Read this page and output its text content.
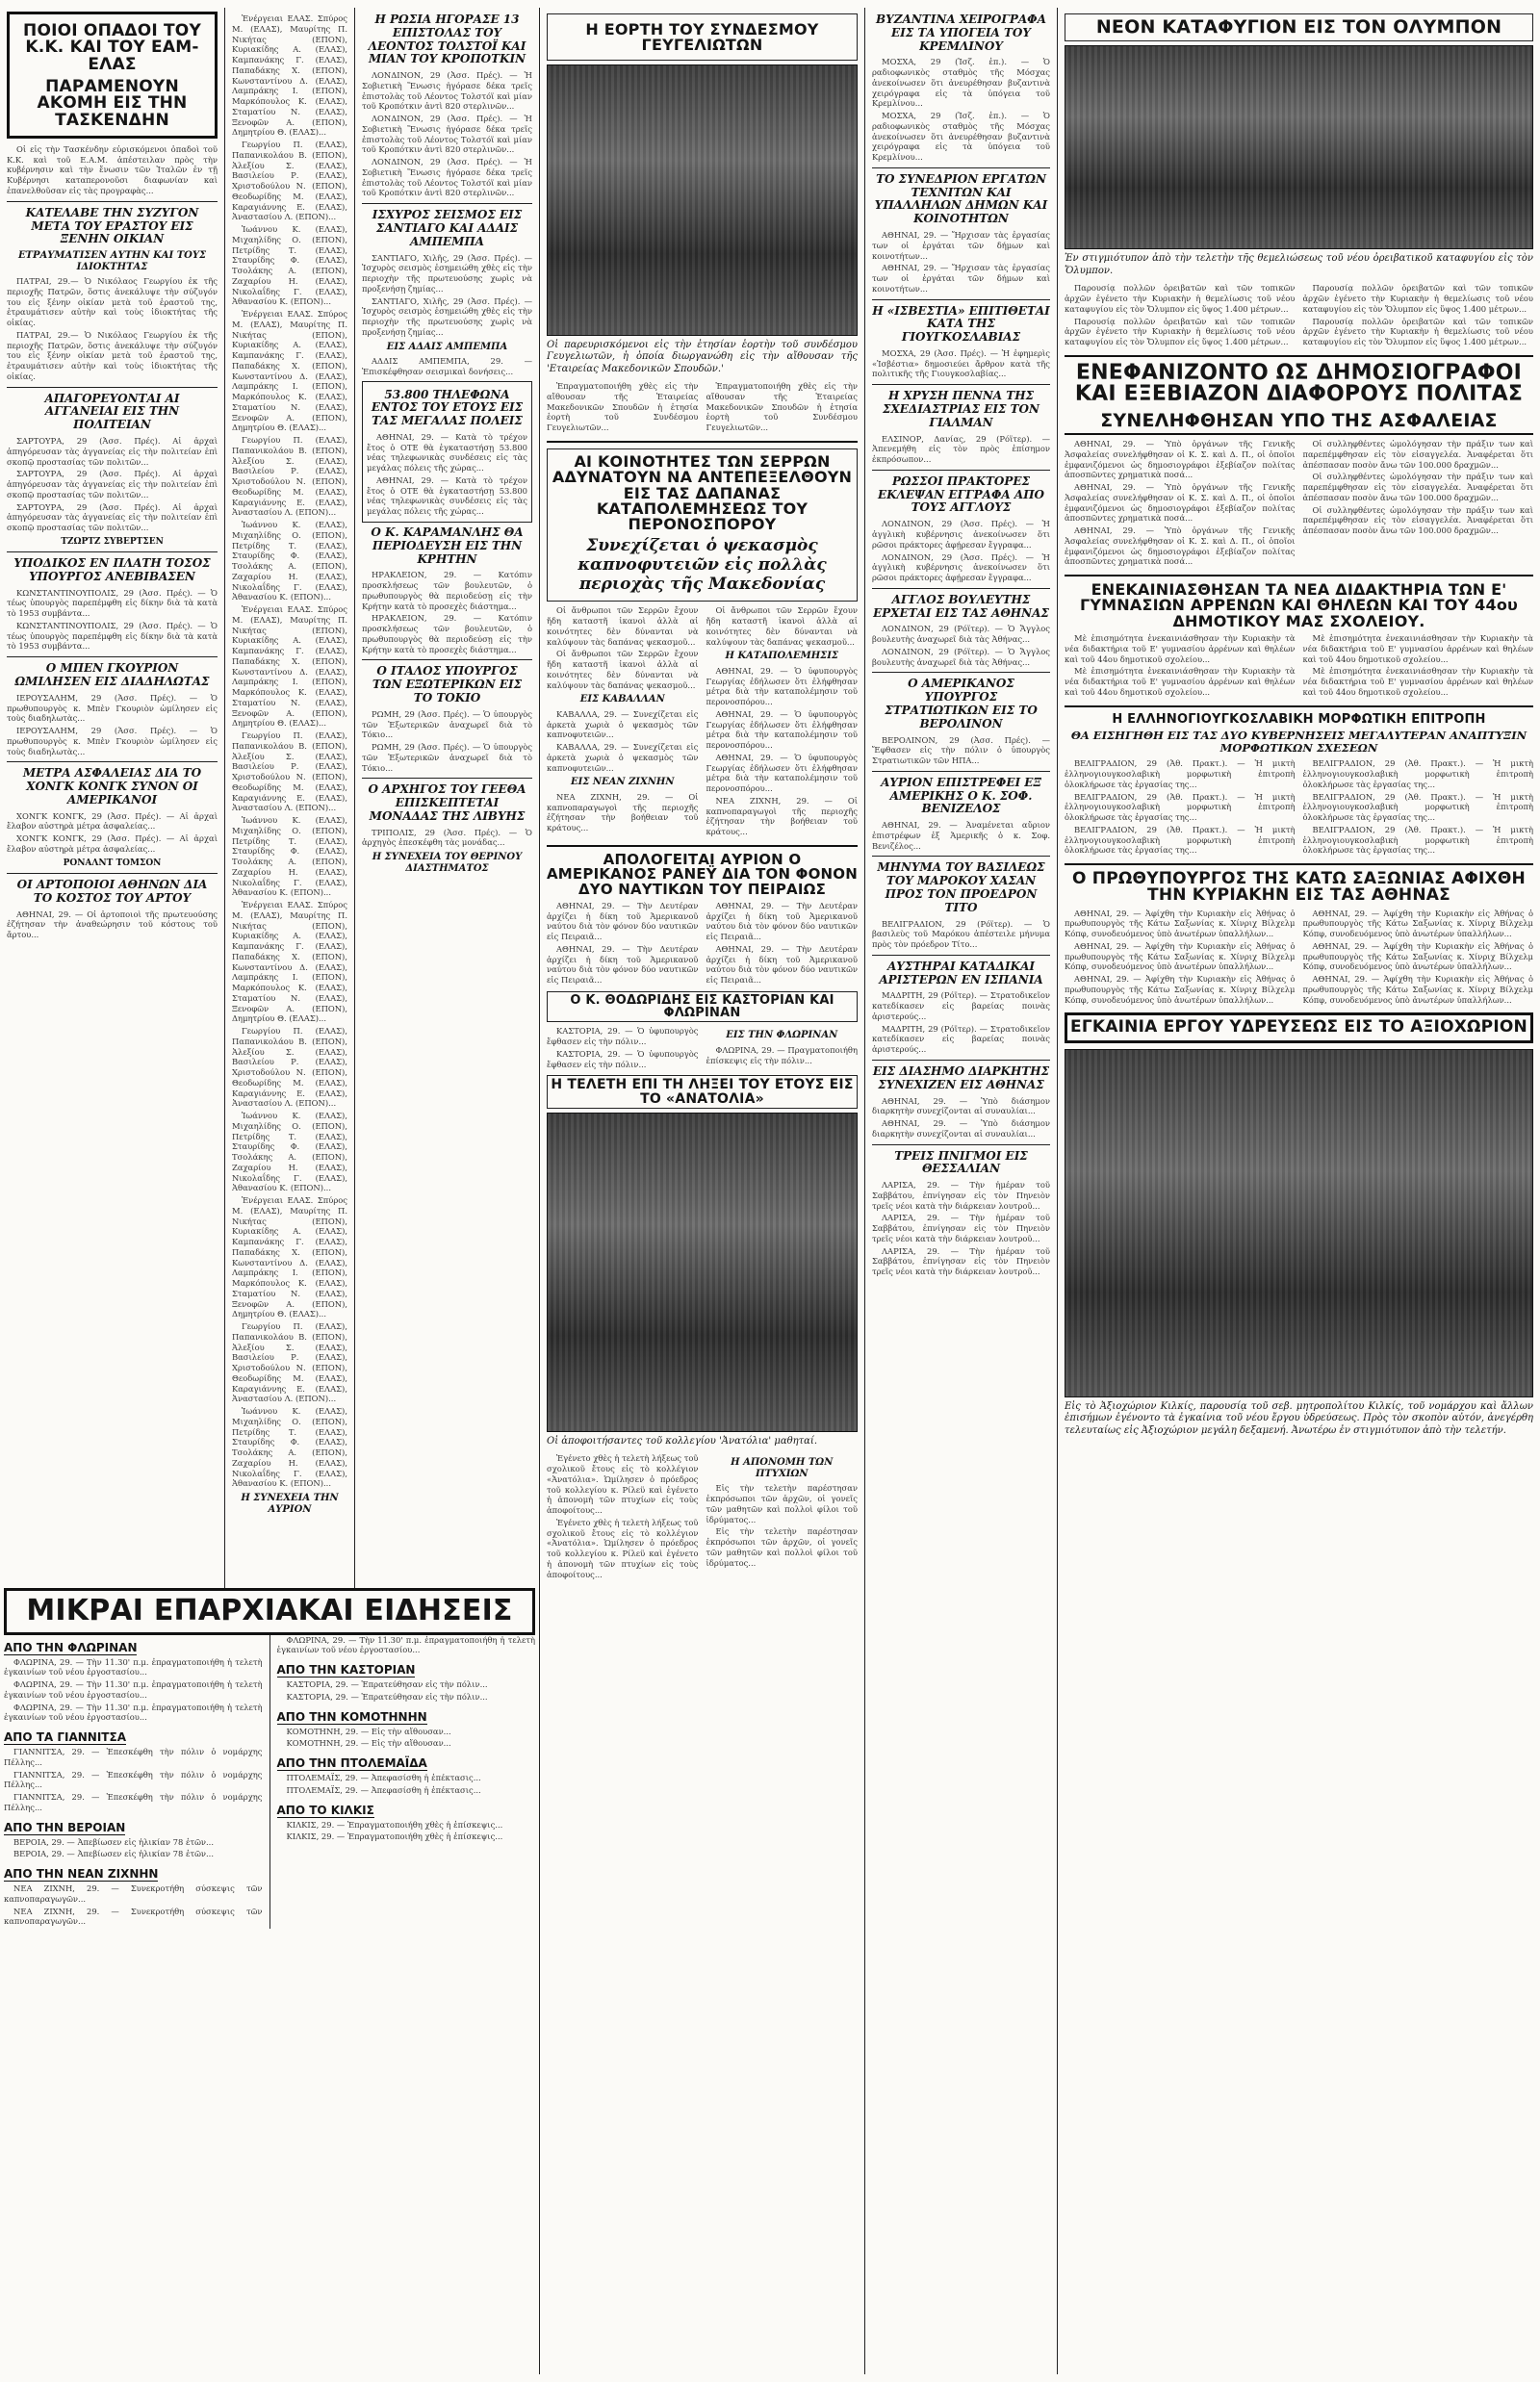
ΠΟΙΟΙ ΟΠΑΔΟΙ ΤΟΥ Κ.Κ. ΚΑΙ ΤΟΥ ΕΑΜ-ΕΛΑΣ
ΠΑΡΑΜΕΝΟΥΝ ΑΚΟΜΗ ΕΙΣ ΤΗΝ ΤΑΣΚΕΝΔΗΝ

Οἱ εἰς τὴν Τασκένδην εὑρισκόμενοι ὀπαδοὶ τοῦ Κ.Κ. καὶ τοῦ Ε.Α.Μ. ἀπέστειλαν πρὸς τὴν κυβέρνησιν καὶ τὴν ἔνωσιν τῶν Ἰταλῶν ἐν τῇ Κυβέρνησι καταπερονοῦσι διαφωνίαν καὶ ἐπανελθοῦσαν εἰς τὰς προγραφὰς...

ΚΑΤΕΛΑΒΕ ΤΗΝ ΣΥΖΥΓΟΝ ΜΕΤΑ ΤΟΥ ΕΡΑΣΤΟΥ ΕΙΣ ΞΕΝΗΝ ΟΙΚΙΑΝ
ΕΤΡΑΥΜΑΤΙΣΕΝ ΑΥΤΗΝ ΚΑΙ ΤΟΥΣ ΙΔΙΟΚΤΗΤΑΣ

ΠΑΤΡΑΙ, 29.— Ὁ Νικόλαος Γεωργίου ἐκ τῆς περιοχῆς Πατρῶν, ὅστις ἀνεκάλυψε τὴν σύζυγόν του εἰς ξένην οἰκίαν μετὰ τοῦ ἐραστοῦ της, ἐτραυμάτισεν αὐτὴν καὶ τοὺς ἰδιοκτήτας τῆς οἰκίας.

ΠΑΤΡΑΙ, 29.— Ὁ Νικόλαος Γεωργίου ἐκ τῆς περιοχῆς Πατρῶν, ὅστις ἀνεκάλυψε τὴν σύζυγόν του εἰς ξένην οἰκίαν μετὰ τοῦ ἐραστοῦ της, ἐτραυμάτισεν αὐτὴν καὶ τοὺς ἰδιοκτήτας τῆς οἰκίας.

ΑΠΑΓΟΡΕΥΟΝΤΑΙ ΑΙ ΑΓΓΑΝΕΙΑΙ ΕΙΣ ΤΗΝ ΠΟΛΙΤΕΙΑΝ

ΣΑΡΤΟΥΡΑ, 29 (Ἀσσ. Πρές). Αἱ ἀρχαὶ ἀπηγόρευσαν τὰς ἀγγανείας εἰς τὴν πολιτείαν ἐπὶ σκοπῷ προστασίας τῶν πολιτῶν...

ΣΑΡΤΟΥΡΑ, 29 (Ἀσσ. Πρές). Αἱ ἀρχαὶ ἀπηγόρευσαν τὰς ἀγγανείας εἰς τὴν πολιτείαν ἐπὶ σκοπῷ προστασίας τῶν πολιτῶν...

ΣΑΡΤΟΥΡΑ, 29 (Ἀσσ. Πρές). Αἱ ἀρχαὶ ἀπηγόρευσαν τὰς ἀγγανείας εἰς τὴν πολιτείαν ἐπὶ σκοπῷ προστασίας τῶν πολιτῶν...

ΤΖΩΡΤΖ ΣΥΒΕΡΤΣΕΝ
ΥΠΟΔΙΚΟΣ ΕΝ ΠΛΑΤΗ ΤΟΣΟΣ ΥΠΟΥΡΓΟΣ ΑΝΕΒΙΒΑΣΕΝ

ΚΩΝΣΤΑΝΤΙΝΟΥΠΟΛΙΣ, 29 (Ἀσσ. Πρές). — Ὁ τέως ὑπουργὸς παρεπέμφθη εἰς δίκην διὰ τὰ κατὰ τὸ 1953 συμβάντα...

ΚΩΝΣΤΑΝΤΙΝΟΥΠΟΛΙΣ, 29 (Ἀσσ. Πρές). — Ὁ τέως ὑπουργὸς παρεπέμφθη εἰς δίκην διὰ τὰ κατὰ τὸ 1953 συμβάντα...

Ο ΜΠΕΝ ΓΚΟΥΡΙΟΝ ΩΜΙΛΗΣΕΝ ΕΙΣ ΔΙΑΔΗΛΩΤΑΣ

ΙΕΡΟΥΣΑΛΗΜ, 29 (Ἀσσ. Πρές). — Ὁ πρωθυπουργὸς κ. Μπὲν Γκουριὸν ὡμίλησεν εἰς τοὺς διαδηλωτὰς...

ΙΕΡΟΥΣΑΛΗΜ, 29 (Ἀσσ. Πρές). — Ὁ πρωθυπουργὸς κ. Μπὲν Γκουριὸν ὡμίλησεν εἰς τοὺς διαδηλωτὰς...

ΜΕΤΡΑ ΑΣΦΑΛΕΙΑΣ ΔΙΑ ΤΟ ΧΟΝΓΚ ΚΟΝΓΚ ΣΥΝΟΝ ΟΙ ΑΜΕΡΙΚΑΝΟΙ

ΧΟΝΓΚ ΚΟΝΓΚ, 29 (Ἀσσ. Πρές). — Αἱ ἀρχαὶ ἔλαβον αὐστηρὰ μέτρα ἀσφαλείας...

ΧΟΝΓΚ ΚΟΝΓΚ, 29 (Ἀσσ. Πρές). — Αἱ ἀρχαὶ ἔλαβον αὐστηρὰ μέτρα ἀσφαλείας...

ΡΟΝΑΛΝΤ ΤΟΜΣΟΝ
ΟΙ ΑΡΤΟΠΟΙΟΙ ΑΘΗΝΩΝ ΔΙΑ ΤΟ ΚΟΣΤΟΣ ΤΟΥ ΑΡΤΟΥ

ΑΘΗΝΑΙ, 29. — Οἱ ἀρτοποιοὶ τῆς πρωτευούσης ἐζήτησαν τὴν ἀναθεώρησιν τοῦ κόστους τοῦ ἄρτου...

Ἐνέργειαι ΕΛΑΣ. Σπύρος Μ. (ΕΛΑΣ), Μαυρίτης Π. Νικήτας (ΕΠΟΝ), Κυριακίδης Α. (ΕΛΑΣ), Καμπανάκης Γ. (ΕΛΑΣ), Παπαδάκης Χ. (ΕΠΟΝ), Κωνσταντίνου Δ. (ΕΛΑΣ), Λαμπράκης Ι. (ΕΠΟΝ), Μαρκόπουλος Κ. (ΕΛΑΣ), Σταματίου Ν. (ΕΛΑΣ), Ξενοφῶν Α. (ΕΠΟΝ), Δημητρίου Θ. (ΕΛΑΣ)...

Γεωργίου Π. (ΕΛΑΣ), Παπανικολάου Β. (ΕΠΟΝ), Ἀλεξίου Σ. (ΕΛΑΣ), Βασιλείου Ρ. (ΕΛΑΣ), Χριστοδούλου Ν. (ΕΠΟΝ), Θεοδωρίδης Μ. (ΕΛΑΣ), Καραγιάννης Ε. (ΕΛΑΣ), Ἀναστασίου Λ. (ΕΠΟΝ)...

Ἰωάννου Κ. (ΕΛΑΣ), Μιχαηλίδης Ο. (ΕΠΟΝ), Πετρίδης Τ. (ΕΛΑΣ), Σταυρίδης Φ. (ΕΛΑΣ), Τσολάκης Α. (ΕΠΟΝ), Ζαχαρίου Η. (ΕΛΑΣ), Νικολαΐδης Γ. (ΕΛΑΣ), Ἀθανασίου Κ. (ΕΠΟΝ)...

Ἐνέργειαι ΕΛΑΣ. Σπύρος Μ. (ΕΛΑΣ), Μαυρίτης Π. Νικήτας (ΕΠΟΝ), Κυριακίδης Α. (ΕΛΑΣ), Καμπανάκης Γ. (ΕΛΑΣ), Παπαδάκης Χ. (ΕΠΟΝ), Κωνσταντίνου Δ. (ΕΛΑΣ), Λαμπράκης Ι. (ΕΠΟΝ), Μαρκόπουλος Κ. (ΕΛΑΣ), Σταματίου Ν. (ΕΛΑΣ), Ξενοφῶν Α. (ΕΠΟΝ), Δημητρίου Θ. (ΕΛΑΣ)...

Γεωργίου Π. (ΕΛΑΣ), Παπανικολάου Β. (ΕΠΟΝ), Ἀλεξίου Σ. (ΕΛΑΣ), Βασιλείου Ρ. (ΕΛΑΣ), Χριστοδούλου Ν. (ΕΠΟΝ), Θεοδωρίδης Μ. (ΕΛΑΣ), Καραγιάννης Ε. (ΕΛΑΣ), Ἀναστασίου Λ. (ΕΠΟΝ)...

Ἰωάννου Κ. (ΕΛΑΣ), Μιχαηλίδης Ο. (ΕΠΟΝ), Πετρίδης Τ. (ΕΛΑΣ), Σταυρίδης Φ. (ΕΛΑΣ), Τσολάκης Α. (ΕΠΟΝ), Ζαχαρίου Η. (ΕΛΑΣ), Νικολαΐδης Γ. (ΕΛΑΣ), Ἀθανασίου Κ. (ΕΠΟΝ)...

Ἐνέργειαι ΕΛΑΣ. Σπύρος Μ. (ΕΛΑΣ), Μαυρίτης Π. Νικήτας (ΕΠΟΝ), Κυριακίδης Α. (ΕΛΑΣ), Καμπανάκης Γ. (ΕΛΑΣ), Παπαδάκης Χ. (ΕΠΟΝ), Κωνσταντίνου Δ. (ΕΛΑΣ), Λαμπράκης Ι. (ΕΠΟΝ), Μαρκόπουλος Κ. (ΕΛΑΣ), Σταματίου Ν. (ΕΛΑΣ), Ξενοφῶν Α. (ΕΠΟΝ), Δημητρίου Θ. (ΕΛΑΣ)...

Γεωργίου Π. (ΕΛΑΣ), Παπανικολάου Β. (ΕΠΟΝ), Ἀλεξίου Σ. (ΕΛΑΣ), Βασιλείου Ρ. (ΕΛΑΣ), Χριστοδούλου Ν. (ΕΠΟΝ), Θεοδωρίδης Μ. (ΕΛΑΣ), Καραγιάννης Ε. (ΕΛΑΣ), Ἀναστασίου Λ. (ΕΠΟΝ)...

Ἰωάννου Κ. (ΕΛΑΣ), Μιχαηλίδης Ο. (ΕΠΟΝ), Πετρίδης Τ. (ΕΛΑΣ), Σταυρίδης Φ. (ΕΛΑΣ), Τσολάκης Α. (ΕΠΟΝ), Ζαχαρίου Η. (ΕΛΑΣ), Νικολαΐδης Γ. (ΕΛΑΣ), Ἀθανασίου Κ. (ΕΠΟΝ)...

Ἐνέργειαι ΕΛΑΣ. Σπύρος Μ. (ΕΛΑΣ), Μαυρίτης Π. Νικήτας (ΕΠΟΝ), Κυριακίδης Α. (ΕΛΑΣ), Καμπανάκης Γ. (ΕΛΑΣ), Παπαδάκης Χ. (ΕΠΟΝ), Κωνσταντίνου Δ. (ΕΛΑΣ), Λαμπράκης Ι. (ΕΠΟΝ), Μαρκόπουλος Κ. (ΕΛΑΣ), Σταματίου Ν. (ΕΛΑΣ), Ξενοφῶν Α. (ΕΠΟΝ), Δημητρίου Θ. (ΕΛΑΣ)...

Γεωργίου Π. (ΕΛΑΣ), Παπανικολάου Β. (ΕΠΟΝ), Ἀλεξίου Σ. (ΕΛΑΣ), Βασιλείου Ρ. (ΕΛΑΣ), Χριστοδούλου Ν. (ΕΠΟΝ), Θεοδωρίδης Μ. (ΕΛΑΣ), Καραγιάννης Ε. (ΕΛΑΣ), Ἀναστασίου Λ. (ΕΠΟΝ)...

Ἰωάννου Κ. (ΕΛΑΣ), Μιχαηλίδης Ο. (ΕΠΟΝ), Πετρίδης Τ. (ΕΛΑΣ), Σταυρίδης Φ. (ΕΛΑΣ), Τσολάκης Α. (ΕΠΟΝ), Ζαχαρίου Η. (ΕΛΑΣ), Νικολαΐδης Γ. (ΕΛΑΣ), Ἀθανασίου Κ. (ΕΠΟΝ)...

Ἐνέργειαι ΕΛΑΣ. Σπύρος Μ. (ΕΛΑΣ), Μαυρίτης Π. Νικήτας (ΕΠΟΝ), Κυριακίδης Α. (ΕΛΑΣ), Καμπανάκης Γ. (ΕΛΑΣ), Παπαδάκης Χ. (ΕΠΟΝ), Κωνσταντίνου Δ. (ΕΛΑΣ), Λαμπράκης Ι. (ΕΠΟΝ), Μαρκόπουλος Κ. (ΕΛΑΣ), Σταματίου Ν. (ΕΛΑΣ), Ξενοφῶν Α. (ΕΠΟΝ), Δημητρίου Θ. (ΕΛΑΣ)...

Γεωργίου Π. (ΕΛΑΣ), Παπανικολάου Β. (ΕΠΟΝ), Ἀλεξίου Σ. (ΕΛΑΣ), Βασιλείου Ρ. (ΕΛΑΣ), Χριστοδούλου Ν. (ΕΠΟΝ), Θεοδωρίδης Μ. (ΕΛΑΣ), Καραγιάννης Ε. (ΕΛΑΣ), Ἀναστασίου Λ. (ΕΠΟΝ)...

Ἰωάννου Κ. (ΕΛΑΣ), Μιχαηλίδης Ο. (ΕΠΟΝ), Πετρίδης Τ. (ΕΛΑΣ), Σταυρίδης Φ. (ΕΛΑΣ), Τσολάκης Α. (ΕΠΟΝ), Ζαχαρίου Η. (ΕΛΑΣ), Νικολαΐδης Γ. (ΕΛΑΣ), Ἀθανασίου Κ. (ΕΠΟΝ)...

Η ΣΥΝΕΧΕΙΑ ΤΗΝ ΑΥΡΙΟΝ
ΜΙΚΡΑΙ ΕΠΑΡΧΙΑΚΑΙ ΕΙΔΗΣΕΙΣ
ΑΠΟ ΤΗΝ ΦΛΩΡΙΝΑΝ

ΦΛΩΡΙΝΑ, 29. — Τὴν 11.30' π.μ. ἐπραγματοποιήθη ἡ τελετὴ ἐγκαινίων τοῦ νέου ἐργοστασίου...

ΦΛΩΡΙΝΑ, 29. — Τὴν 11.30' π.μ. ἐπραγματοποιήθη ἡ τελετὴ ἐγκαινίων τοῦ νέου ἐργοστασίου...

ΦΛΩΡΙΝΑ, 29. — Τὴν 11.30' π.μ. ἐπραγματοποιήθη ἡ τελετὴ ἐγκαινίων τοῦ νέου ἐργοστασίου...

ΑΠΟ ΤΑ ΓΙΑΝΝΙΤΣΑ

ΓΙΑΝΝΙΤΣΑ, 29. — Ἐπεσκέφθη τὴν πόλιν ὁ νομάρχης Πέλλης...

ΓΙΑΝΝΙΤΣΑ, 29. — Ἐπεσκέφθη τὴν πόλιν ὁ νομάρχης Πέλλης...

ΓΙΑΝΝΙΤΣΑ, 29. — Ἐπεσκέφθη τὴν πόλιν ὁ νομάρχης Πέλλης...

ΑΠΟ ΤΗΝ ΒΕΡΟΙΑΝ

ΒΕΡΟΙΑ, 29. — Ἀπεβίωσεν εἰς ἡλικίαν 78 ἐτῶν...

ΒΕΡΟΙΑ, 29. — Ἀπεβίωσεν εἰς ἡλικίαν 78 ἐτῶν...

ΑΠΟ ΤΗΝ ΝΕΑΝ ΖΙΧΝΗΝ

ΝΕΑ ΖΙΧΝΗ, 29. — Συνεκροτήθη σύσκεψις τῶν καπνοπαραγωγῶν...

ΝΕΑ ΖΙΧΝΗ, 29. — Συνεκροτήθη σύσκεψις τῶν καπνοπαραγωγῶν...

ΦΛΩΡΙΝΑ, 29. — Τὴν 11.30' π.μ. ἐπραγματοποιήθη ἡ τελετὴ ἐγκαινίων τοῦ νέου ἐργοστασίου...

ΑΠΟ ΤΗΝ ΚΑΣΤΟΡΙΑΝ

ΚΑΣΤΟΡΙΑ, 29. — Ἐπρατεύθησαν εἰς τὴν πόλιν...

ΚΑΣΤΟΡΙΑ, 29. — Ἐπρατεύθησαν εἰς τὴν πόλιν...

ΑΠΟ ΤΗΝ ΚΟΜΟΤΗΝΗΝ

ΚΟΜΟΤΗΝΗ, 29. — Εἰς τὴν αἴθουσαν...

ΚΟΜΟΤΗΝΗ, 29. — Εἰς τὴν αἴθουσαν...

ΑΠΟ ΤΗΝ ΠΤΟΛΕΜΑΪΔΑ

ΠΤΟΛΕΜΑΪΣ, 29. — Ἀπεφασίσθη ἡ ἐπέκτασις...

ΠΤΟΛΕΜΑΪΣ, 29. — Ἀπεφασίσθη ἡ ἐπέκτασις...

ΑΠΟ ΤΟ ΚΙΛΚΙΣ

ΚΙΛΚΙΣ, 29. — Ἐπραγματοποιήθη χθὲς ἡ ἐπίσκεψις...

ΚΙΛΚΙΣ, 29. — Ἐπραγματοποιήθη χθὲς ἡ ἐπίσκεψις...

Η ΡΩΣΙΑ ΗΓΟΡΑΣΕ 13 ΕΠΙΣΤΟΛΑΣ ΤΟΥ ΛΕΟΝΤΟΣ ΤΟΛΣΤΟΪ ΚΑΙ ΜΙΑΝ ΤΟΥ ΚΡΟΠΟΤΚΙΝ

ΛΟΝΔΙΝΟΝ, 29 (Ἀσσ. Πρές). — Ἡ Σοβιετικὴ Ἕνωσις ἠγόρασε δέκα τρεῖς ἐπιστολὰς τοῦ Λέοντος Τολστόϊ καὶ μίαν τοῦ Κροπότκιν ἀντὶ 820 στερλινῶν...

ΛΟΝΔΙΝΟΝ, 29 (Ἀσσ. Πρές). — Ἡ Σοβιετικὴ Ἕνωσις ἠγόρασε δέκα τρεῖς ἐπιστολὰς τοῦ Λέοντος Τολστόϊ καὶ μίαν τοῦ Κροπότκιν ἀντὶ 820 στερλινῶν...

ΛΟΝΔΙΝΟΝ, 29 (Ἀσσ. Πρές). — Ἡ Σοβιετικὴ Ἕνωσις ἠγόρασε δέκα τρεῖς ἐπιστολὰς τοῦ Λέοντος Τολστόϊ καὶ μίαν τοῦ Κροπότκιν ἀντὶ 820 στερλινῶν...

ΙΣΧΥΡΟΣ ΣΕΙΣΜΟΣ ΕΙΣ ΣΑΝΤΙΑΓΟ ΚΑΙ ΑΔΑΙΣ ΑΜΠΕΜΠΑ

ΣΑΝΤΙΑΓΟ, Χιλῆς, 29 (Ἀσσ. Πρές). — Ἰσχυρὸς σεισμὸς ἐσημειώθη χθὲς εἰς τὴν περιοχὴν τῆς πρωτευούσης χωρὶς νὰ προξενήσῃ ζημίας...

ΣΑΝΤΙΑΓΟ, Χιλῆς, 29 (Ἀσσ. Πρές). — Ἰσχυρὸς σεισμὸς ἐσημειώθη χθὲς εἰς τὴν περιοχὴν τῆς πρωτευούσης χωρὶς νὰ προξενήσῃ ζημίας...

ΕΙΣ ΑΔΑΙΣ ΑΜΠΕΜΠΑ

ΑΔΔΙΣ ΑΜΠΕΜΠΑ, 29. — Ἐπισκέφθησαν σεισμικαὶ δονήσεις...

53.800 ΤΗΛΕΦΩΝΑ ΕΝΤΟΣ ΤΟΥ ΕΤΟΥΣ ΕΙΣ ΤΑΣ ΜΕΓΑΛΑΣ ΠΟΛΕΙΣ

ΑΘΗΝΑΙ, 29. — Κατὰ τὸ τρέχον ἔτος ὁ ΟΤΕ θὰ ἐγκαταστήσῃ 53.800 νέας τηλεφωνικὰς συνδέσεις εἰς τὰς μεγάλας πόλεις τῆς χώρας...

ΑΘΗΝΑΙ, 29. — Κατὰ τὸ τρέχον ἔτος ὁ ΟΤΕ θὰ ἐγκαταστήσῃ 53.800 νέας τηλεφωνικὰς συνδέσεις εἰς τὰς μεγάλας πόλεις τῆς χώρας...

Ο Κ. ΚΑΡΑΜΑΝΛΗΣ ΘΑ ΠΕΡΙΟΔΕΥΣΗ ΕΙΣ ΤΗΝ ΚΡΗΤΗΝ

ΗΡΑΚΛΕΙΟΝ, 29. — Κατόπιν προσκλήσεως τῶν βουλευτῶν, ὁ πρωθυπουργὸς θὰ περιοδεύσῃ εἰς τὴν Κρήτην κατὰ τὸ προσεχὲς διάστημα...

ΗΡΑΚΛΕΙΟΝ, 29. — Κατόπιν προσκλήσεως τῶν βουλευτῶν, ὁ πρωθυπουργὸς θὰ περιοδεύσῃ εἰς τὴν Κρήτην κατὰ τὸ προσεχὲς διάστημα...

Ο ΙΤΑΛΟΣ ΥΠΟΥΡΓΟΣ ΤΩΝ ΕΞΩΤΕΡΙΚΩΝ ΕΙΣ ΤΟ ΤΟΚΙΟ

ΡΩΜΗ, 29 (Ἀσσ. Πρές). — Ὁ ὑπουργὸς τῶν Ἐξωτερικῶν ἀναχωρεῖ διὰ τὸ Τόκιο...

ΡΩΜΗ, 29 (Ἀσσ. Πρές). — Ὁ ὑπουργὸς τῶν Ἐξωτερικῶν ἀναχωρεῖ διὰ τὸ Τόκιο...

Ο ΑΡΧΗΓΟΣ ΤΟΥ ΓΕΕΘΑ ΕΠΙΣΚΕΠΤΕΤΑΙ ΜΟΝΑΔΑΣ ΤΗΣ ΛΙΒΥΗΣ

ΤΡΙΠΟΛΙΣ, 29 (Ἀσσ. Πρές). — Ὁ ἀρχηγὸς ἐπεσκέφθη τὰς μονάδας...

Η ΣΥΝΕΧΕΙΑ ΤΟΥ ΘΕΡΙΝΟΥ ΔΙΑΣΤΗΜΑΤΟΣ
Η ΕΟΡΤΗ ΤΟΥ ΣΥΝΔΕΣΜΟΥ ΓΕΥΓΕΛΙΩΤΩΝ
Οἱ παρευρισκόμενοι εἰς τὴν ἐτησίαν ἑορτὴν τοῦ συνδέσμου Γευγελιωτῶν, ἡ ὁποία διωργανώθη εἰς τὴν αἴθουσαν τῆς 'Εταιρείας Μακεδονικῶν Σπουδῶν.'

Ἐπραγματοποιήθη χθὲς εἰς τὴν αἴθουσαν τῆς Ἑταιρείας Μακεδονικῶν Σπουδῶν ἡ ἐτησία ἑορτὴ τοῦ Συνδέσμου Γευγελιωτῶν...

Ἐπραγματοποιήθη χθὲς εἰς τὴν αἴθουσαν τῆς Ἑταιρείας Μακεδονικῶν Σπουδῶν ἡ ἐτησία ἑορτὴ τοῦ Συνδέσμου Γευγελιωτῶν...

ΑΙ ΚΟΙΝΟΤΗΤΕΣ ΤΩΝ ΣΕΡΡΩΝ ΑΔΥΝΑΤΟΥΝ ΝΑ ΑΝΤΕΠΕΞΕΛΘΟΥΝ ΕΙΣ ΤΑΣ ΔΑΠΑΝΑΣ ΚΑΤΑΠΟΛΕΜΗΣΕΩΣ ΤΟΥ ΠΕΡΟΝΟΣΠΟΡΟΥ
Συνεχίζεται ὁ ψεκασμὸς καπνοφυτειῶν εἰς πολλὰς περιοχὰς τῆς Μακεδονίας

Οἱ ἄνθρωποι τῶν Σερρῶν ἔχουν ἤδη καταστῆ ἱκανοὶ ἀλλὰ αἱ κοινότητες δὲν δύνανται νὰ καλύψουν τὰς δαπάνας ψεκασμοῦ...

Οἱ ἄνθρωποι τῶν Σερρῶν ἔχουν ἤδη καταστῆ ἱκανοὶ ἀλλὰ αἱ κοινότητες δὲν δύνανται νὰ καλύψουν τὰς δαπάνας ψεκασμοῦ...

ΕΙΣ ΚΑΒΑΛΛΑΝ

ΚΑΒΑΛΛΑ, 29. — Συνεχίζεται εἰς ἀρκετὰ χωριὰ ὁ ψεκασμὸς τῶν καπνοφυτειῶν...

ΚΑΒΑΛΛΑ, 29. — Συνεχίζεται εἰς ἀρκετὰ χωριὰ ὁ ψεκασμὸς τῶν καπνοφυτειῶν...

ΕΙΣ ΝΕΑΝ ΖΙΧΝΗΝ

ΝΕΑ ΖΙΧΝΗ, 29. — Οἱ καπνοπαραγωγοὶ τῆς περιοχῆς ἐζήτησαν τὴν βοήθειαν τοῦ κράτους...

Οἱ ἄνθρωποι τῶν Σερρῶν ἔχουν ἤδη καταστῆ ἱκανοὶ ἀλλὰ αἱ κοινότητες δὲν δύνανται νὰ καλύψουν τὰς δαπάνας ψεκασμοῦ...

Η ΚΑΤΑΠΟΛΕΜΗΣΙΣ

ΑΘΗΝΑΙ, 29. — Ὁ ὑφυπουργὸς Γεωργίας ἐδήλωσεν ὅτι ἐλήφθησαν μέτρα διὰ τὴν καταπολέμησιν τοῦ περονοσπόρου...

ΑΘΗΝΑΙ, 29. — Ὁ ὑφυπουργὸς Γεωργίας ἐδήλωσεν ὅτι ἐλήφθησαν μέτρα διὰ τὴν καταπολέμησιν τοῦ περονοσπόρου...

ΑΘΗΝΑΙ, 29. — Ὁ ὑφυπουργὸς Γεωργίας ἐδήλωσεν ὅτι ἐλήφθησαν μέτρα διὰ τὴν καταπολέμησιν τοῦ περονοσπόρου...

ΝΕΑ ΖΙΧΝΗ, 29. — Οἱ καπνοπαραγωγοὶ τῆς περιοχῆς ἐζήτησαν τὴν βοήθειαν τοῦ κράτους...

ΑΠΟΛΟΓΕΙΤΑΙ ΑΥΡΙΟΝ Ο ΑΜΕΡΙΚΑΝΟΣ ΡΑΝΕΫ ΔΙΑ ΤΟΝ ΦΟΝΟΝ ΔΥΟ ΝΑΥΤΙΚΩΝ ΤΟΥ ΠΕΙΡΑΙΩΣ

ΑΘΗΝΑΙ, 29. — Τὴν Δευτέραν ἀρχίζει ἡ δίκη τοῦ Ἀμερικανοῦ ναύτου διὰ τὸν φόνον δύο ναυτικῶν εἰς Πειραιᾶ...

ΑΘΗΝΑΙ, 29. — Τὴν Δευτέραν ἀρχίζει ἡ δίκη τοῦ Ἀμερικανοῦ ναύτου διὰ τὸν φόνον δύο ναυτικῶν εἰς Πειραιᾶ...

ΑΘΗΝΑΙ, 29. — Τὴν Δευτέραν ἀρχίζει ἡ δίκη τοῦ Ἀμερικανοῦ ναύτου διὰ τὸν φόνον δύο ναυτικῶν εἰς Πειραιᾶ...

ΑΘΗΝΑΙ, 29. — Τὴν Δευτέραν ἀρχίζει ἡ δίκη τοῦ Ἀμερικανοῦ ναύτου διὰ τὸν φόνον δύο ναυτικῶν εἰς Πειραιᾶ...

Ο Κ. ΘΟΔΩΡΙΔΗΣ ΕΙΣ ΚΑΣΤΟΡΙΑΝ ΚΑΙ ΦΛΩΡΙΝΑΝ

ΚΑΣΤΟΡΙΑ, 29. — Ὁ ὑφυπουργὸς ἔφθασεν εἰς τὴν πόλιν...

ΚΑΣΤΟΡΙΑ, 29. — Ὁ ὑφυπουργὸς ἔφθασεν εἰς τὴν πόλιν...

ΕΙΣ ΤΗΝ ΦΛΩΡΙΝΑΝ

ΦΛΩΡΙΝΑ, 29. — Πραγματοποιήθη ἐπίσκεψις εἰς τὴν πόλιν...

Η ΤΕΛΕΤΗ ΕΠΙ ΤΗ ΛΗΞΕΙ ΤΟΥ ΕΤΟΥΣ ΕΙΣ ΤΟ «ΑΝΑΤΟΛΙΑ»
Οἱ ἀποφοιτήσαντες τοῦ κολλεγίου 'Ἀνατόλια' μαθηταί.

Ἐγένετο χθὲς ἡ τελετὴ λήξεως τοῦ σχολικοῦ ἔτους εἰς τὸ κολλέγιον «Ἀνατόλια». Ὡμίλησεν ὁ πρόεδρος τοῦ κολλεγίου κ. Ρίλεϋ καὶ ἐγένετο ἡ ἀπονομὴ τῶν πτυχίων εἰς τοὺς ἀποφοίτους...

Ἐγένετο χθὲς ἡ τελετὴ λήξεως τοῦ σχολικοῦ ἔτους εἰς τὸ κολλέγιον «Ἀνατόλια». Ὡμίλησεν ὁ πρόεδρος τοῦ κολλεγίου κ. Ρίλεϋ καὶ ἐγένετο ἡ ἀπονομὴ τῶν πτυχίων εἰς τοὺς ἀποφοίτους...

Η ΑΠΟΝΟΜΗ ΤΩΝ ΠΤΥΧΙΩΝ

Εἰς τὴν τελετὴν παρέστησαν ἐκπρόσωποι τῶν ἀρχῶν, οἱ γονεῖς τῶν μαθητῶν καὶ πολλοὶ φίλοι τοῦ ἱδρύματος...

Εἰς τὴν τελετὴν παρέστησαν ἐκπρόσωποι τῶν ἀρχῶν, οἱ γονεῖς τῶν μαθητῶν καὶ πολλοὶ φίλοι τοῦ ἱδρύματος...

ΒΥΖΑΝΤΙΝΑ ΧΕΙΡΟΓΡΑΦΑ ΕΙΣ ΤΑ ΥΠΟΓΕΙΑ ΤΟΥ ΚΡΕΜΛΙΝΟΥ

ΜΟΣΧΑ, 29 (Ἰσζ. ἐπ.). — Ὁ ραδιοφωνικὸς σταθμὸς τῆς Μόσχας ἀνεκοίνωσεν ὅτι ἀνευρέθησαν βυζαντινὰ χειρόγραφα εἰς τὰ ὑπόγεια τοῦ Κρεμλίνου...

ΜΟΣΧΑ, 29 (Ἰσζ. ἐπ.). — Ὁ ραδιοφωνικὸς σταθμὸς τῆς Μόσχας ἀνεκοίνωσεν ὅτι ἀνευρέθησαν βυζαντινὰ χειρόγραφα εἰς τὰ ὑπόγεια τοῦ Κρεμλίνου...

ΤΟ ΣΥΝΕΔΡΙΟΝ ΕΡΓΑΤΩΝ ΤΕΧΝΙΤΩΝ ΚΑΙ ΥΠΑΛΛΗΛΩΝ ΔΗΜΩΝ ΚΑΙ ΚΟΙΝΟΤΗΤΩΝ

ΑΘΗΝΑΙ, 29. — Ἤρχισαν τὰς ἐργασίας των οἱ ἐργάται τῶν δήμων καὶ κοινοτήτων...

ΑΘΗΝΑΙ, 29. — Ἤρχισαν τὰς ἐργασίας των οἱ ἐργάται τῶν δήμων καὶ κοινοτήτων...

Η «ΙΣΒΕΣΤΙΑ» ΕΠΙΤΙΘΕΤΑΙ ΚΑΤΑ ΤΗΣ ΓΙΟΥΓΚΟΣΛΑΒΙΑΣ

ΜΟΣΧΑ, 29 (Ἀσσ. Πρές). — Ἡ ἐφημερὶς «Ἰσβέστια» δημοσιεύει ἄρθρον κατὰ τῆς πολιτικῆς τῆς Γιουγκοσλαβίας...

Η ΧΡΥΣΗ ΠΕΝΝΑ ΤΗΣ ΣΧΕΔΙΑΣΤΡΙΑΣ ΕΙΣ ΤΟΝ ΓΙΑΛΜΑΝ

ΕΛΣΙΝΟΡ, Δανίας, 29 (Ρόϊτερ). — Ἀπενεμήθη εἰς τὸν πρὸς ἐπίσημον ἐκπρόσωπον...

ΡΩΣΣΟΙ ΠΡΑΚΤΟΡΕΣ ΕΚΛΕΨΑΝ ΕΓΓΡΑΦΑ ΑΠΟ ΤΟΥΣ ΑΓΓΛΟΥΣ

ΛΟΝΔΙΝΟΝ, 29 (Ἀσσ. Πρές). — Ἡ ἀγγλικὴ κυβέρνησις ἀνεκοίνωσεν ὅτι ρῶσοι πράκτορες ἀφῄρεσαν ἔγγραφα...

ΛΟΝΔΙΝΟΝ, 29 (Ἀσσ. Πρές). — Ἡ ἀγγλικὴ κυβέρνησις ἀνεκοίνωσεν ὅτι ρῶσοι πράκτορες ἀφῄρεσαν ἔγγραφα...

ΑΓΓΛΟΣ ΒΟΥΛΕΥΤΗΣ ΕΡΧΕΤΑΙ ΕΙΣ ΤΑΣ ΑΘΗΝΑΣ

ΛΟΝΔΙΝΟΝ, 29 (Ρόϊτερ). — Ὁ Ἄγγλος βουλευτὴς ἀναχωρεῖ διὰ τὰς Ἀθήνας...

ΛΟΝΔΙΝΟΝ, 29 (Ρόϊτερ). — Ὁ Ἄγγλος βουλευτὴς ἀναχωρεῖ διὰ τὰς Ἀθήνας...

Ο ΑΜΕΡΙΚΑΝΟΣ ΥΠΟΥΡΓΟΣ ΣΤΡΑΤΙΩΤΙΚΩΝ ΕΙΣ ΤΟ ΒΕΡΟΛΙΝΟΝ

ΒΕΡΟΛΙΝΟΝ, 29 (Ἀσσ. Πρές). — Ἔφθασεν εἰς τὴν πόλιν ὁ ὑπουργὸς Στρατιωτικῶν τῶν ΗΠΑ...

ΑΥΡΙΟΝ ΕΠΙΣΤΡΕΦΕΙ ΕΞ ΑΜΕΡΙΚΗΣ Ο Κ. ΣΟΦ. ΒΕΝΙΖΕΛΟΣ

ΑΘΗΝΑΙ, 29. — Ἀναμένεται αὔριον ἐπιστρέφων ἐξ Ἀμερικῆς ὁ κ. Σοφ. Βενιζέλος...

ΜΗΝΥΜΑ ΤΟΥ ΒΑΣΙΛΕΩΣ ΤΟΥ ΜΑΡΟΚΟΥ ΧΑΣΑΝ ΠΡΟΣ ΤΟΝ ΠΡΟΕΔΡΟΝ ΤΙΤΟ

ΒΕΛΙΓΡΑΔΙΟΝ, 29 (Ρόϊτερ). — Ὁ βασιλεὺς τοῦ Μαρόκου ἀπέστειλε μήνυμα πρὸς τὸν πρόεδρον Τίτο...

ΑΥΣΤΗΡΑΙ ΚΑΤΑΔΙΚΑΙ ΑΡΙΣΤΕΡΩΝ ΕΝ ΙΣΠΑΝΙΑ

ΜΑΔΡΙΤΗ, 29 (Ρόϊτερ). — Στρατοδικεῖον κατεδίκασεν εἰς βαρείας ποινὰς ἀριστερούς...

ΜΑΔΡΙΤΗ, 29 (Ρόϊτερ). — Στρατοδικεῖον κατεδίκασεν εἰς βαρείας ποινὰς ἀριστερούς...

ΕΙΣ ΔΙΑΣΗΜΟ ΔΙΑΡΚΗΤΗΣ ΣΥΝΕΧΙΖΕΝ ΕΙΣ ΑΘΗΝΑΣ

ΑΘΗΝΑΙ, 29. — Ὑπὸ διάσημον διαρκητὴν συνεχίζονται αἱ συναυλίαι...

ΑΘΗΝΑΙ, 29. — Ὑπὸ διάσημον διαρκητὴν συνεχίζονται αἱ συναυλίαι...

ΤΡΕΙΣ ΠΝΙΓΜΟΙ ΕΙΣ ΘΕΣΣΑΛΙΑΝ

ΛΑΡΙΣΑ, 29. — Τὴν ἡμέραν τοῦ Σαββάτου, ἐπνίγησαν εἰς τὸν Πηνειὸν τρεῖς νέοι κατὰ τὴν διάρκειαν λουτροῦ...

ΛΑΡΙΣΑ, 29. — Τὴν ἡμέραν τοῦ Σαββάτου, ἐπνίγησαν εἰς τὸν Πηνειὸν τρεῖς νέοι κατὰ τὴν διάρκειαν λουτροῦ...

ΛΑΡΙΣΑ, 29. — Τὴν ἡμέραν τοῦ Σαββάτου, ἐπνίγησαν εἰς τὸν Πηνειὸν τρεῖς νέοι κατὰ τὴν διάρκειαν λουτροῦ...

ΝΕΟΝ ΚΑΤΑΦΥΓΙΟΝ ΕΙΣ ΤΟΝ ΟΛΥΜΠΟΝ
Ἐν στιγμιότυπον ἀπὸ τὴν τελετὴν τῆς θεμελιώσεως τοῦ νέου ὀρειβατικοῦ καταφυγίου εἰς τὸν Ὄλυμπον.

Παρουσίᾳ πολλῶν ὀρειβατῶν καὶ τῶν τοπικῶν ἀρχῶν ἐγένετο τὴν Κυριακὴν ἡ θεμελίωσις τοῦ νέου καταφυγίου εἰς τὸν Ὄλυμπον εἰς ὕψος 1.400 μέτρων...

Παρουσίᾳ πολλῶν ὀρειβατῶν καὶ τῶν τοπικῶν ἀρχῶν ἐγένετο τὴν Κυριακὴν ἡ θεμελίωσις τοῦ νέου καταφυγίου εἰς τὸν Ὄλυμπον εἰς ὕψος 1.400 μέτρων...

Παρουσίᾳ πολλῶν ὀρειβατῶν καὶ τῶν τοπικῶν ἀρχῶν ἐγένετο τὴν Κυριακὴν ἡ θεμελίωσις τοῦ νέου καταφυγίου εἰς τὸν Ὄλυμπον εἰς ὕψος 1.400 μέτρων...

Παρουσίᾳ πολλῶν ὀρειβατῶν καὶ τῶν τοπικῶν ἀρχῶν ἐγένετο τὴν Κυριακὴν ἡ θεμελίωσις τοῦ νέου καταφυγίου εἰς τὸν Ὄλυμπον εἰς ὕψος 1.400 μέτρων...

ΕΝΕΦΑΝΙΖΟΝΤΟ ΩΣ ΔΗΜΟΣΙΟΓΡΑΦΟΙ ΚΑΙ ΕΞΕΒΙΑΖΟΝ ΔΙΑΦΟΡΟΥΣ ΠΟΛΙΤΑΣ
ΣΥΝΕΛΗΦΘΗΣΑΝ ΥΠΟ ΤΗΣ ΑΣΦΑΛΕΙΑΣ

ΑΘΗΝΑΙ, 29. — Ὑπὸ ὀργάνων τῆς Γενικῆς Ἀσφαλείας συνελήφθησαν οἱ Κ. Σ. καὶ Δ. Π., οἱ ὁποῖοι ἐμφανιζόμενοι ὡς δημοσιογράφοι ἐξεβίαζον πολίτας ἀποσπῶντες χρηματικὰ ποσά...

ΑΘΗΝΑΙ, 29. — Ὑπὸ ὀργάνων τῆς Γενικῆς Ἀσφαλείας συνελήφθησαν οἱ Κ. Σ. καὶ Δ. Π., οἱ ὁποῖοι ἐμφανιζόμενοι ὡς δημοσιογράφοι ἐξεβίαζον πολίτας ἀποσπῶντες χρηματικὰ ποσά...

ΑΘΗΝΑΙ, 29. — Ὑπὸ ὀργάνων τῆς Γενικῆς Ἀσφαλείας συνελήφθησαν οἱ Κ. Σ. καὶ Δ. Π., οἱ ὁποῖοι ἐμφανιζόμενοι ὡς δημοσιογράφοι ἐξεβίαζον πολίτας ἀποσπῶντες χρηματικὰ ποσά...

Οἱ συλληφθέντες ὡμολόγησαν τὴν πράξιν των καὶ παρεπέμφθησαν εἰς τὸν εἰσαγγελέα. Ἀναφέρεται ὅτι ἀπέσπασαν ποσὸν ἄνω τῶν 100.000 δραχμῶν...

Οἱ συλληφθέντες ὡμολόγησαν τὴν πράξιν των καὶ παρεπέμφθησαν εἰς τὸν εἰσαγγελέα. Ἀναφέρεται ὅτι ἀπέσπασαν ποσὸν ἄνω τῶν 100.000 δραχμῶν...

Οἱ συλληφθέντες ὡμολόγησαν τὴν πράξιν των καὶ παρεπέμφθησαν εἰς τὸν εἰσαγγελέα. Ἀναφέρεται ὅτι ἀπέσπασαν ποσὸν ἄνω τῶν 100.000 δραχμῶν...

ΕΝΕΚΑΙΝΙΑΣΘΗΣΑΝ ΤΑ ΝΕΑ ΔΙΔΑΚΤΗΡΙΑ ΤΩΝ Ε' ΓΥΜΝΑΣΙΩΝ ΑΡΡΕΝΩΝ ΚΑΙ ΘΗΛΕΩΝ ΚΑΙ ΤΟΥ 44ου ΔΗΜΟΤΙΚΟΥ ΜΑΣ ΣΧΟΛΕΙΟΥ.

Μὲ ἐπισημότητα ἐνεκαινιάσθησαν τὴν Κυριακὴν τὰ νέα διδακτήρια τοῦ Ε' γυμνασίου ἀρρένων καὶ θηλέων καὶ τοῦ 44ου δημοτικοῦ σχολείου...

Μὲ ἐπισημότητα ἐνεκαινιάσθησαν τὴν Κυριακὴν τὰ νέα διδακτήρια τοῦ Ε' γυμνασίου ἀρρένων καὶ θηλέων καὶ τοῦ 44ου δημοτικοῦ σχολείου...

Μὲ ἐπισημότητα ἐνεκαινιάσθησαν τὴν Κυριακὴν τὰ νέα διδακτήρια τοῦ Ε' γυμνασίου ἀρρένων καὶ θηλέων καὶ τοῦ 44ου δημοτικοῦ σχολείου...

Μὲ ἐπισημότητα ἐνεκαινιάσθησαν τὴν Κυριακὴν τὰ νέα διδακτήρια τοῦ Ε' γυμνασίου ἀρρένων καὶ θηλέων καὶ τοῦ 44ου δημοτικοῦ σχολείου...

Η ΕΛΛΗΝΟΓΙΟΥΓΚΟΣΛΑΒΙΚΗ ΜΟΡΦΩΤΙΚΗ ΕΠΙΤΡΟΠΗ
ΘΑ ΕΙΣΗΓΗΘΗ ΕΙΣ ΤΑΣ ΔΥΟ ΚΥΒΕΡΝΗΣΕΙΣ ΜΕΓΑΛΥΤΕΡΑΝ ΑΝΑΠΤΥΞΙΝ ΜΟΡΦΩΤΙΚΩΝ ΣΧΕΣΕΩΝ

ΒΕΛΙΓΡΑΔΙΟΝ, 29 (Ἀθ. Πρακτ.). — Ἡ μικτὴ ἑλληνογιουγκοσλαβικὴ μορφωτικὴ ἐπιτροπὴ ὁλοκλήρωσε τὰς ἐργασίας της...

ΒΕΛΙΓΡΑΔΙΟΝ, 29 (Ἀθ. Πρακτ.). — Ἡ μικτὴ ἑλληνογιουγκοσλαβικὴ μορφωτικὴ ἐπιτροπὴ ὁλοκλήρωσε τὰς ἐργασίας της...

ΒΕΛΙΓΡΑΔΙΟΝ, 29 (Ἀθ. Πρακτ.). — Ἡ μικτὴ ἑλληνογιουγκοσλαβικὴ μορφωτικὴ ἐπιτροπὴ ὁλοκλήρωσε τὰς ἐργασίας της...

ΒΕΛΙΓΡΑΔΙΟΝ, 29 (Ἀθ. Πρακτ.). — Ἡ μικτὴ ἑλληνογιουγκοσλαβικὴ μορφωτικὴ ἐπιτροπὴ ὁλοκλήρωσε τὰς ἐργασίας της...

ΒΕΛΙΓΡΑΔΙΟΝ, 29 (Ἀθ. Πρακτ.). — Ἡ μικτὴ ἑλληνογιουγκοσλαβικὴ μορφωτικὴ ἐπιτροπὴ ὁλοκλήρωσε τὰς ἐργασίας της...

ΒΕΛΙΓΡΑΔΙΟΝ, 29 (Ἀθ. Πρακτ.). — Ἡ μικτὴ ἑλληνογιουγκοσλαβικὴ μορφωτικὴ ἐπιτροπὴ ὁλοκλήρωσε τὰς ἐργασίας της...

Ο ΠΡΩΘΥΠΟΥΡΓΟΣ ΤΗΣ ΚΑΤΩ ΣΑΞΩΝΙΑΣ ΑΦΙΧΘΗ ΤΗΝ ΚΥΡΙΑΚΗΝ ΕΙΣ ΤΑΣ ΑΘΗΝΑΣ

ΑΘΗΝΑΙ, 29. — Ἀφίχθη τὴν Κυριακὴν εἰς Ἀθήνας ὁ πρωθυπουργὸς τῆς Κάτω Σαξωνίας κ. Χίνριχ Βίλχελμ Κόπφ, συνοδευόμενος ὑπὸ ἀνωτέρων ὑπαλλήλων...

ΑΘΗΝΑΙ, 29. — Ἀφίχθη τὴν Κυριακὴν εἰς Ἀθήνας ὁ πρωθυπουργὸς τῆς Κάτω Σαξωνίας κ. Χίνριχ Βίλχελμ Κόπφ, συνοδευόμενος ὑπὸ ἀνωτέρων ὑπαλλήλων...

ΑΘΗΝΑΙ, 29. — Ἀφίχθη τὴν Κυριακὴν εἰς Ἀθήνας ὁ πρωθυπουργὸς τῆς Κάτω Σαξωνίας κ. Χίνριχ Βίλχελμ Κόπφ, συνοδευόμενος ὑπὸ ἀνωτέρων ὑπαλλήλων...

ΑΘΗΝΑΙ, 29. — Ἀφίχθη τὴν Κυριακὴν εἰς Ἀθήνας ὁ πρωθυπουργὸς τῆς Κάτω Σαξωνίας κ. Χίνριχ Βίλχελμ Κόπφ, συνοδευόμενος ὑπὸ ἀνωτέρων ὑπαλλήλων...

ΑΘΗΝΑΙ, 29. — Ἀφίχθη τὴν Κυριακὴν εἰς Ἀθήνας ὁ πρωθυπουργὸς τῆς Κάτω Σαξωνίας κ. Χίνριχ Βίλχελμ Κόπφ, συνοδευόμενος ὑπὸ ἀνωτέρων ὑπαλλήλων...

ΑΘΗΝΑΙ, 29. — Ἀφίχθη τὴν Κυριακὴν εἰς Ἀθήνας ὁ πρωθυπουργὸς τῆς Κάτω Σαξωνίας κ. Χίνριχ Βίλχελμ Κόπφ, συνοδευόμενος ὑπὸ ἀνωτέρων ὑπαλλήλων...

ΕΓΚΑΙΝΙΑ ΕΡΓΟΥ ΥΔΡΕΥΣΕΩΣ ΕΙΣ ΤΟ ΑΞΙΟΧΩΡΙΟΝ
Εἰς τὸ Ἀξιοχώριον Κιλκίς, παρουσίᾳ τοῦ σεβ. μητροπολίτου Κιλκίς, τοῦ νομάρχου καὶ ἄλλων ἐπισήμων ἐγένοντο τὰ ἐγκαίνια τοῦ νέου ἔργου ὑδρεύσεως. Πρὸς τὸν σκοπὸν αὐτόν, ἀνεγέρθη τελευταίως εἰς Ἀξιοχώριον μεγάλη δεξαμενή. Ἀνωτέρω ἐν στιγμιότυπον ἀπὸ τὴν τελετήν.
